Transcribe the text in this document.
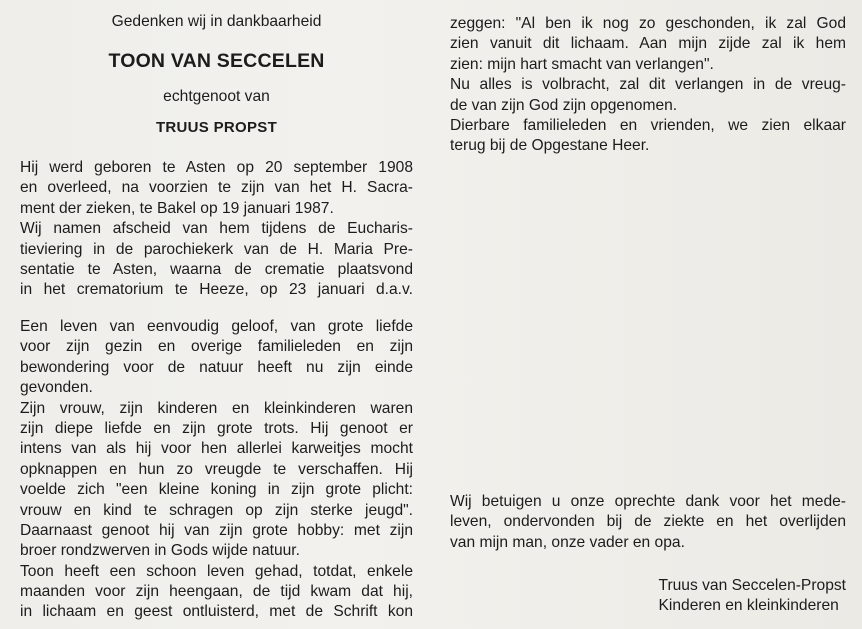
Gedenken wij in dankbaarheid
TOON VAN SECCELEN
echtgenoot van
TRUUS PROPST
Hij werd geboren te Asten op 20 september 1908
en overleed, na voorzien te zijn van het H. Sacra-
ment der zieken, te Bakel op 19 januari 1987.
Wij namen afscheid van hem tijdens de Eucharis-
tieviering in de parochiekerk van de H. Maria Pre-
sentatie te Asten, waarna de crematie plaatsvond
in het crematorium te Heeze, op 23 januari d.a.v.
Een leven van eenvoudig geloof, van grote liefde
voor zijn gezin en overige familieleden en zijn
bewondering voor de natuur heeft nu zijn einde
gevonden.
Zijn vrouw, zijn kinderen en kleinkinderen waren
zijn diepe liefde en zijn grote trots. Hij genoot er
intens van als hij voor hen allerlei karweitjes mocht
opknappen en hun zo vreugde te verschaffen. Hij
voelde zich "een kleine koning in zijn grote plicht:
vrouw en kind te schragen op zijn sterke jeugd".
Daarnaast genoot hij van zijn grote hobby: met zijn
broer rondzwerven in Gods wijde natuur.
Toon heeft een schoon leven gehad, totdat, enkele
maanden voor zijn heengaan, de tijd kwam dat hij,
in lichaam en geest ontluisterd, met de Schrift kon
zeggen: "Al ben ik nog zo geschonden, ik zal God
zien vanuit dit lichaam. Aan mijn zijde zal ik hem
zien: mijn hart smacht van verlangen".
Nu alles is volbracht, zal dit verlangen in de vreug-
de van zijn God zijn opgenomen.
Dierbare familieleden en vrienden, we zien elkaar
terug bij de Opgestane Heer.
Wij betuigen u onze oprechte dank voor het mede-
leven, ondervonden bij de ziekte en het overlijden
van mijn man, onze vader en opa.
Truus van Seccelen-Propst
Kinderen en kleinkinderen
